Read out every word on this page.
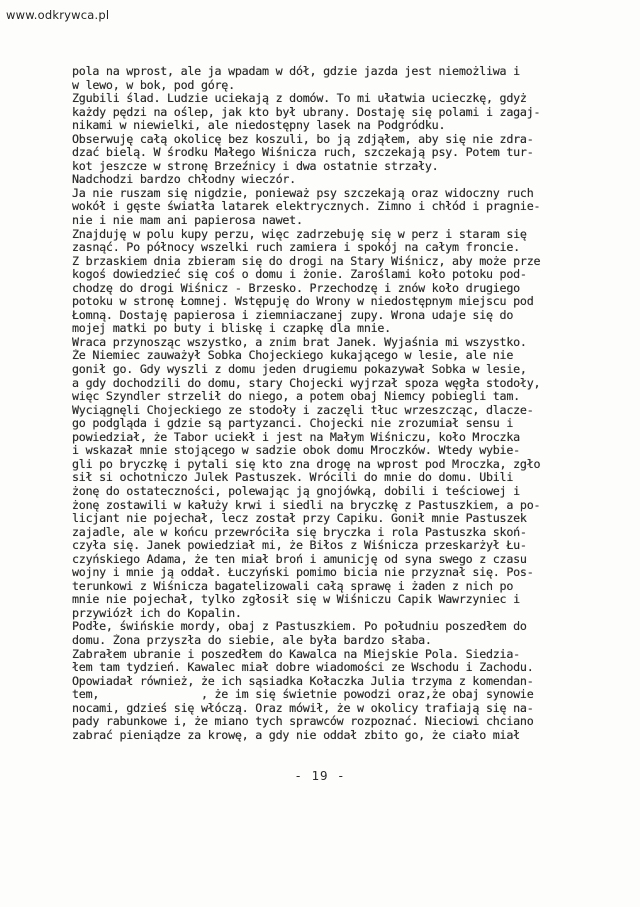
www.odkrywca.pl
pola na wprost, ale ja wpadam w dół, gdzie jazda jest niemożliwa i
w lewo, w bok, pod górę.
Zgubili ślad. Ludzie uciekają z domów. To mi ułatwia ucieczkę, gdyż
każdy pędzi na oślep, jak kto był ubrany. Dostaję się polami i zagaj-
nikami w niewielki, ale niedostępny lasek na Podgródku.
Obserwuję całą okolicę bez koszuli, bo ją zdjąłem, aby się nie zdra-
dzać bielą. W środku Małego Wiśnicza ruch, szczekają psy. Potem tur-
kot jeszcze w stronę Brzeźnicy i dwa ostatnie strzały.
Nadchodzi bardzo chłodny wieczór.
Ja nie ruszam się nigdzie, ponieważ psy szczekają oraz widoczny ruch
wokół i gęste światła latarek elektrycznych. Zimno i chłód i pragnie-
nie i nie mam ani papierosa nawet.
Znajduję w polu kupy perzu, więc zadrzebuję się w perz i staram się
zasnąć. Po północy wszelki ruch zamiera i spokój na całym froncie.
Z brzaskiem dnia zbieram się do drogi na Stary Wiśnicz, aby może prze
kogoś dowiedzieć się coś o domu i żonie. Zaroślami koło potoku pod-
chodzę do drogi Wiśnicz - Brzesko. Przechodzę i znów koło drugiego
potoku w stronę Łomnej. Wstępuję do Wrony w niedostępnym miejscu pod
Łomną. Dostaję papierosa i ziemniaczanej zupy. Wrona udaje się do
mojej matki po buty i bliskę i czapkę dla mnie.
Wraca przynosząc wszystko, a znim brat Janek. Wyjaśnia mi wszystko.
Że Niemiec zauważył Sobka Chojeckiego kukającego w lesie, ale nie
gonił go. Gdy wyszli z domu jeden drugiemu pokazywał Sobka w lesie,
a gdy dochodzili do domu, stary Chojecki wyjrzał spoza węgła stodoły,
więc Szyndler strzelił do niego, a potem obaj Niemcy pobiegli tam.
Wyciągnęli Chojeckiego ze stodoły i zaczęli tłuc wrzeszcząc, dlacze-
go podgląda i gdzie są partyzanci. Chojecki nie zrozumiał sensu i
powiedział, że Tabor uciekł i jest na Małym Wiśniczu, koło Mroczka
i wskazał mnie stojącego w sadzie obok domu Mroczków. Wtedy wybie-
gli po bryczkę i pytali się kto zna drogę na wprost pod Mroczka, zgło
sił si ochotniczo Julek Pastuszek. Wrócili do mnie do domu. Ubili
żonę do ostateczności, polewając ją gnojówką, dobili i teściowej i
żonę zostawili w kałuży krwi i siedli na bryczkę z Pastuszkiem, a po-
licjant nie pojechał, lecz został przy Capiku. Gonił mnie Pastuszek
zajadle, ale w końcu przewróciła się bryczka i rola Pastuszka skoń-
czyła się. Janek powiedział mi, że Biłos z Wiśnicza przeskarżył Łu-
czyńskiego Adama, że ten miał broń i amunicję od syna swego z czasu
wojny i mnie ją oddał. Łuczyński pomimo bicia nie przyznał się. Pos-
terunkowi z Wiśnicza bagatelizowali całą sprawę i żaden z nich po
mnie nie pojechał, tylko zgłosił się w Wiśniczu Capik Wawrzyniec i
przywiózł ich do Kopalin.
Podłe, świńskie mordy, obaj z Pastuszkiem. Po południu poszedłem do
domu. Żona przyszła do siebie, ale była bardzo słaba.
Zabrałem ubranie i poszedłem do Kawalca na Miejskie Pola. Siedzia-
łem tam tydzień. Kawalec miał dobre wiadomości ze Wschodu i Zachodu.
Opowiadał również, że ich sąsiadka Kołaczka Julia trzyma z komendan-
tem,               , że im się świetnie powodzi oraz,że obaj synowie
nocami, gdzieś się włóczą. Oraz mówił, że w okolicy trafiają się na-
pady rabunkowe i, że miano tych sprawców rozpoznać. Nieciowi chciano
zabrać pieniądze za krowę, a gdy nie oddał zbito go, że ciało miał
- 19 -
